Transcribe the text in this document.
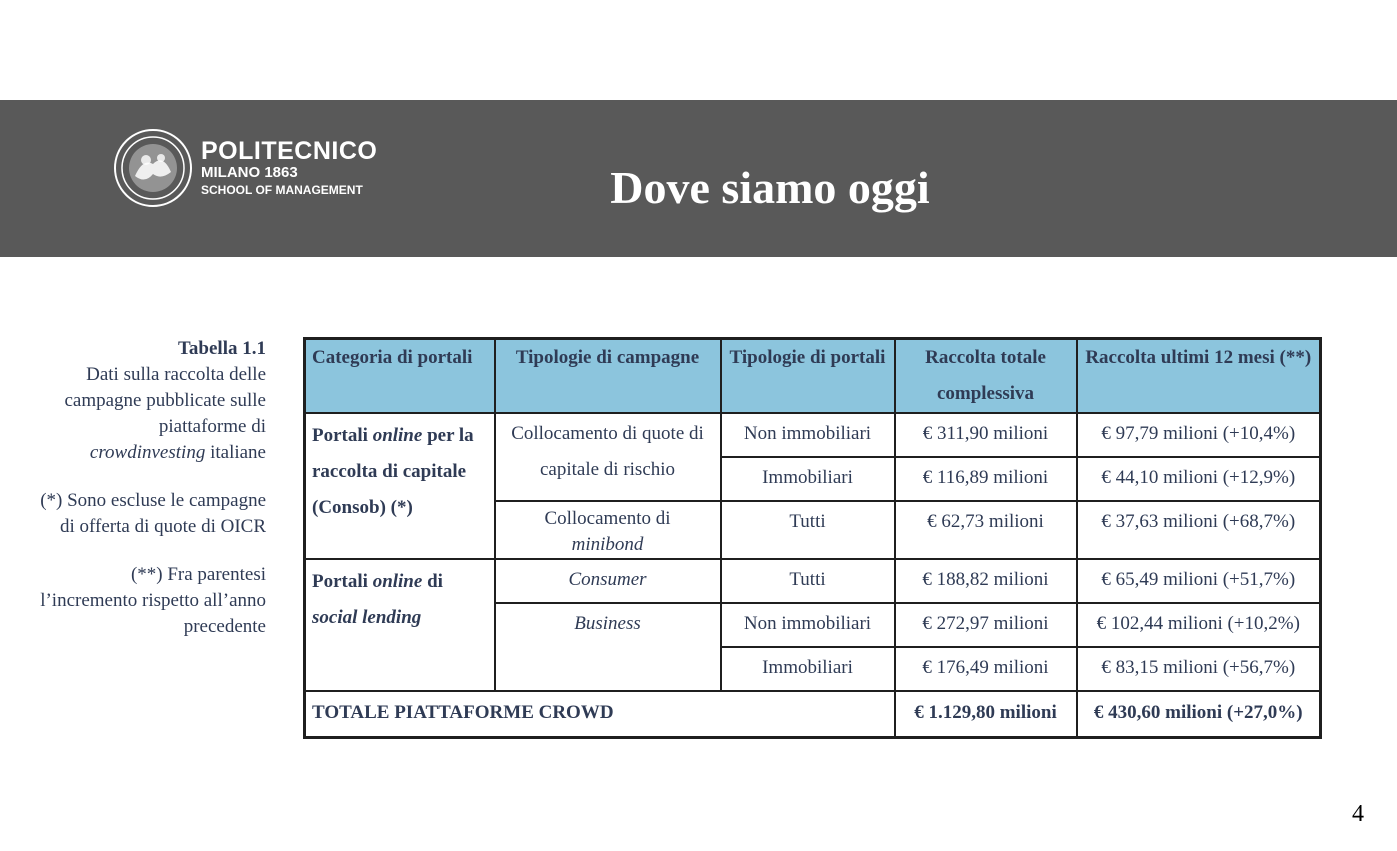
POLITECNICO
MILANO 1863
SCHOOL OF MANAGEMENT	Dove siamo oggi

Tabella 1.1

Dati sulla raccolta delle campagne pubblicate sulle piattaforme di crowdinvesting italiane

(*) Sono escluse le campagne di offerta di quote di OICR

(**) Fra parentesi l’incremento rispetto all’anno precedente

Categoria di portali	Tipologie di campagne	Tipologie di portali	Raccolta totale complessiva	Raccolta ultimi 12 mesi (**)
Portali online per la raccolta di capitale (Consob) (*)	Collocamento di quote di capitale di rischio	Non immobiliari	€ 311,90 milioni	€ 97,79 milioni (+10,4%)
		Immobiliari	€ 116,89 milioni	€ 44,10 milioni (+12,9%)
	Collocamento di
minibond	Tutti	€ 62,73 milioni	€ 37,63 milioni (+68,7%)
Portali online di social lending	Consumer	Tutti	€ 188,82 milioni	€ 65,49 milioni (+51,7%)
	Business	Non immobiliari	€ 272,97 milioni	€ 102,44 milioni (+10,2%)
		Immobiliari	€ 176,49 milioni	€ 83,15 milioni (+56,7%)
TOTALE PIATTAFORME CROWD			€ 1.129,80 milioni	€ 430,60 milioni (+27,0%)
4
